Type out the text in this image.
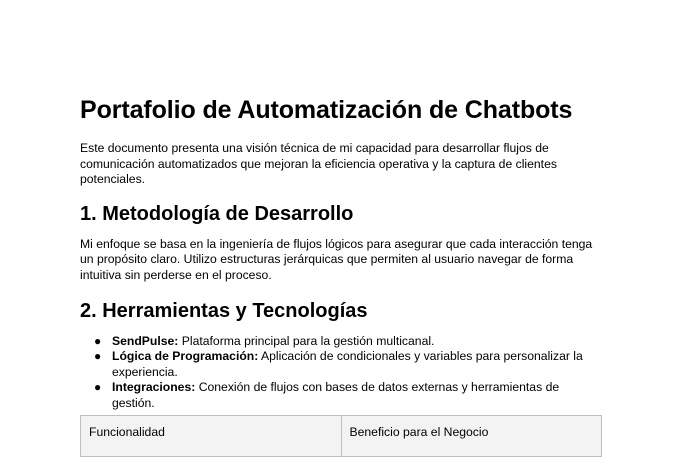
Portafolio de Automatización de Chatbots

Este documento presenta una visión técnica de mi capacidad para desarrollar flujos de comunicación automatizados que mejoran la eficiencia operativa y la captura de clientes potenciales.

1. Metodología de Desarrollo

Mi enfoque se basa en la ingeniería de flujos lógicos para asegurar que cada interacción tenga un propósito claro. Utilizo estructuras jerárquicas que permiten al usuario navegar de forma intuitiva sin perderse en el proceso.

2. Herramientas y Tecnologías
● SendPulse: Plataforma principal para la gestión multicanal.
● Lógica de Programación: Aplicación de condicionales y variables para personalizar la experiencia.
● Integraciones: Conexión de flujos con bases de datos externas y herramientas de gestión.
Funcionalidad	Beneficio para el Negocio
